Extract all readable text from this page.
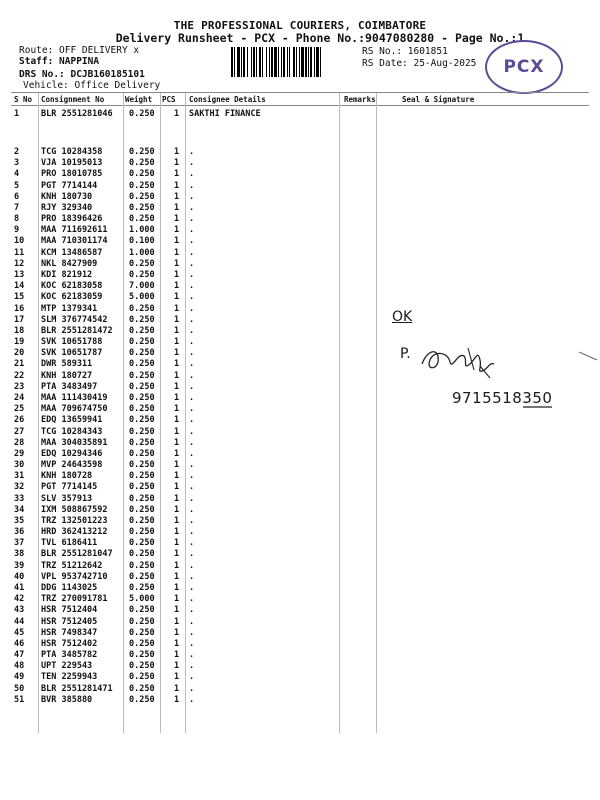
THE PROFESSIONAL COURIERS, COIMBATORE
Delivery Runsheet - PCX - Phone No.:9047080280 - Page No.:1
Route: OFF DELIVERY x
Staff: NAPPINA
DRS No.: DCJB160185101
Vehicle: Office Delivery
RS No.: 1601851
RS Date: 25-Aug-2025	PCX
S No Consignment No	Weight PCS Consignee Details	Remarks	Seal & Signature
1	BLR 2551281046 0.250 1 SAKTHI FINANCE
2	TCG 10284358	0.250 1 .
3	VJA 10195013	0.250 1 .
4	PRO 18010785	0.250 1 .
5	PGT 7714144	0.250 1 .
6	KNH 180730	0.250 1 .
7	RJY 329340	0.250 1 .
8	PRO 18396426	0.250 1 .
9	MAA 711692611	1.000 1 .
10 MAA 710301174	0.100 1 .
11 KCM 13486587	1.000 1 .
12 NKL 8427909	0.250 1 .
13 KDI 821912	0.250 1 .
14 KOC 62183058	7.000 1 .
15 KOC 62183059	5.000 1 .
16 MTP 1379341	0.250 1 .
17 SLM 376774542	0.250 1 .
18 BLR 2551281472 0.250 1 .
19 SVK 10651788	0.250 1 .
20 SVK 10651787	0.250 1 .
21 DWR 589311	0.250 1 .
22 KNH 180727	0.250 1 .
23 PTA 3483497	0.250 1 .
24 MAA 111430419	0.250 1 .
25 MAA 709674750	0.250 1 .
26 EDQ 13659941	0.250 1 .
27 TCG 10284343	0.250 1 .
28 MAA 304035891	0.250 1 .
29 EDQ 10294346	0.250 1 .
30 MVP 24643598	0.250 1 .
31 KNH 180728	0.250 1 .
32 PGT 7714145	0.250 1 .
33 SLV 357913	0.250 1 .
34 IXM 508867592	0.250 1 .
35 TRZ 132501223	0.250 1 .
36 HRD 362413212	0.250 1 .
37 TVL 6186411	0.250 1 .
38 BLR 2551281047 0.250 1 .
39 TRZ 51212642	0.250 1 .
40 VPL 953742710	0.250 1 .
41 DDG 1143025	0.250 1 .
42 TRZ 270091781	5.000 1 .
43 HSR 7512404	0.250 1 .
44 HSR 7512405	0.250 1 .
45 HSR 7498347	0.250 1 .
46 HSR 7512402	0.250 1 .
47 PTA 3485782	0.250 1 .
48 UPT 229543	0.250 1 .
49 TEN 2259943	0.250 1 .
50 BLR 2551281471 0.250 1 .
51 BVR 385880	0.250 1 .
OK
P.
9715518350
